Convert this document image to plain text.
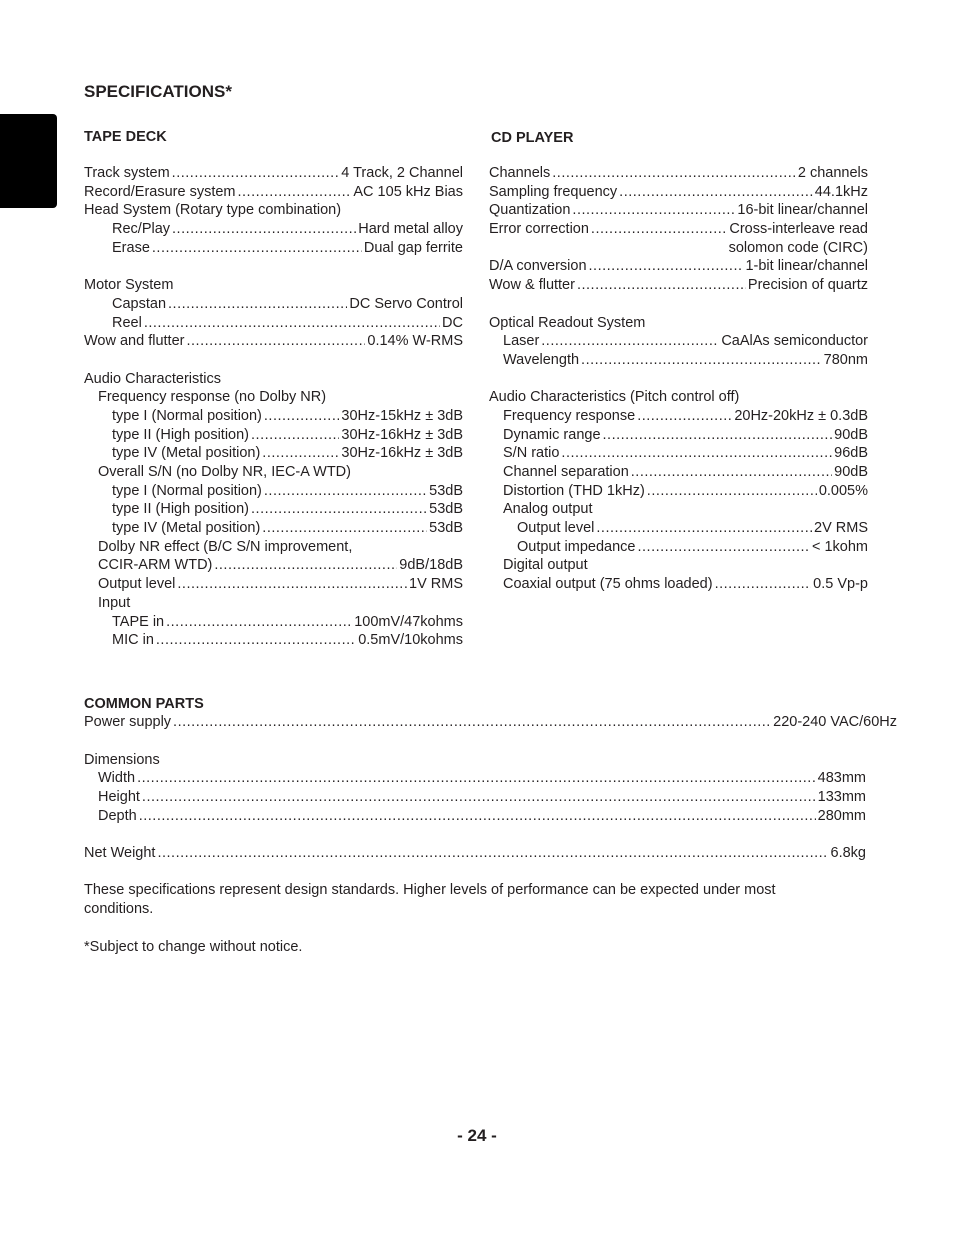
SPECIFICATIONS*
TAPE DECK
Track system .....	4 Track, 2 Channel
Record/Erasure system .....	AC 105 kHz Bias
Head System (Rotary type combination)
Rec/Play .....	Hard metal alloy
Erase .....	Dual gap ferrite
Motor System
Capstan .....	DC Servo Control
Reel .....	DC
Wow and flutter .....	0.14% W-RMS
Audio Characteristics
Frequency response (no Dolby NR)
type I (Normal position) .....	30Hz-15kHz ± 3dB
type II (High position) .....	30Hz-16kHz ± 3dB
type IV (Metal position) .....	30Hz-16kHz ± 3dB
Overall S/N (no Dolby NR, IEC-A WTD)
type I (Normal position) .....	53dB
type II (High position) .....	53dB
type IV (Metal position) .....	53dB
Dolby NR effect (B/C S/N improvement,
CCIR-ARM WTD) .....	9dB/18dB
Output level .....	1V RMS
Input
TAPE in .....	100mV/47kohms
MIC in .....	0.5mV/10kohms
CD PLAYER
Channels .....	2 channels
Sampling frequency .....	44.1kHz
Quantization .....	16-bit linear/channel
Error correction .....	Cross-interleave read
solomon code (CIRC)
D/A conversion .....	1-bit linear/channel
Wow & flutter .....	Precision of quartz
Optical Readout System
Laser .....	CaAlAs semiconductor
Wavelength .....	780nm
Audio Characteristics (Pitch control off)
Frequency response .....	20Hz-20kHz ± 0.3dB
Dynamic range .....	90dB
S/N ratio .....	96dB
Channel separation .....	90dB
Distortion (THD 1kHz) .....	0.005%
Analog output
Output level .....	2V RMS
Output impedance .....	< 1kohm
Digital output
Coaxial output (75 ohms loaded) .....	0.5 Vp-p
COMMON PARTS
Power supply .....	220-240 VAC/60Hz
Dimensions
Width .....	483mm
Height .....	133mm
Depth .....	280mm
Net Weight .....	6.8kg
These specifications represent design standards. Higher levels of performance can be expected under most conditions.
*Subject to change without notice.
- 24 -
